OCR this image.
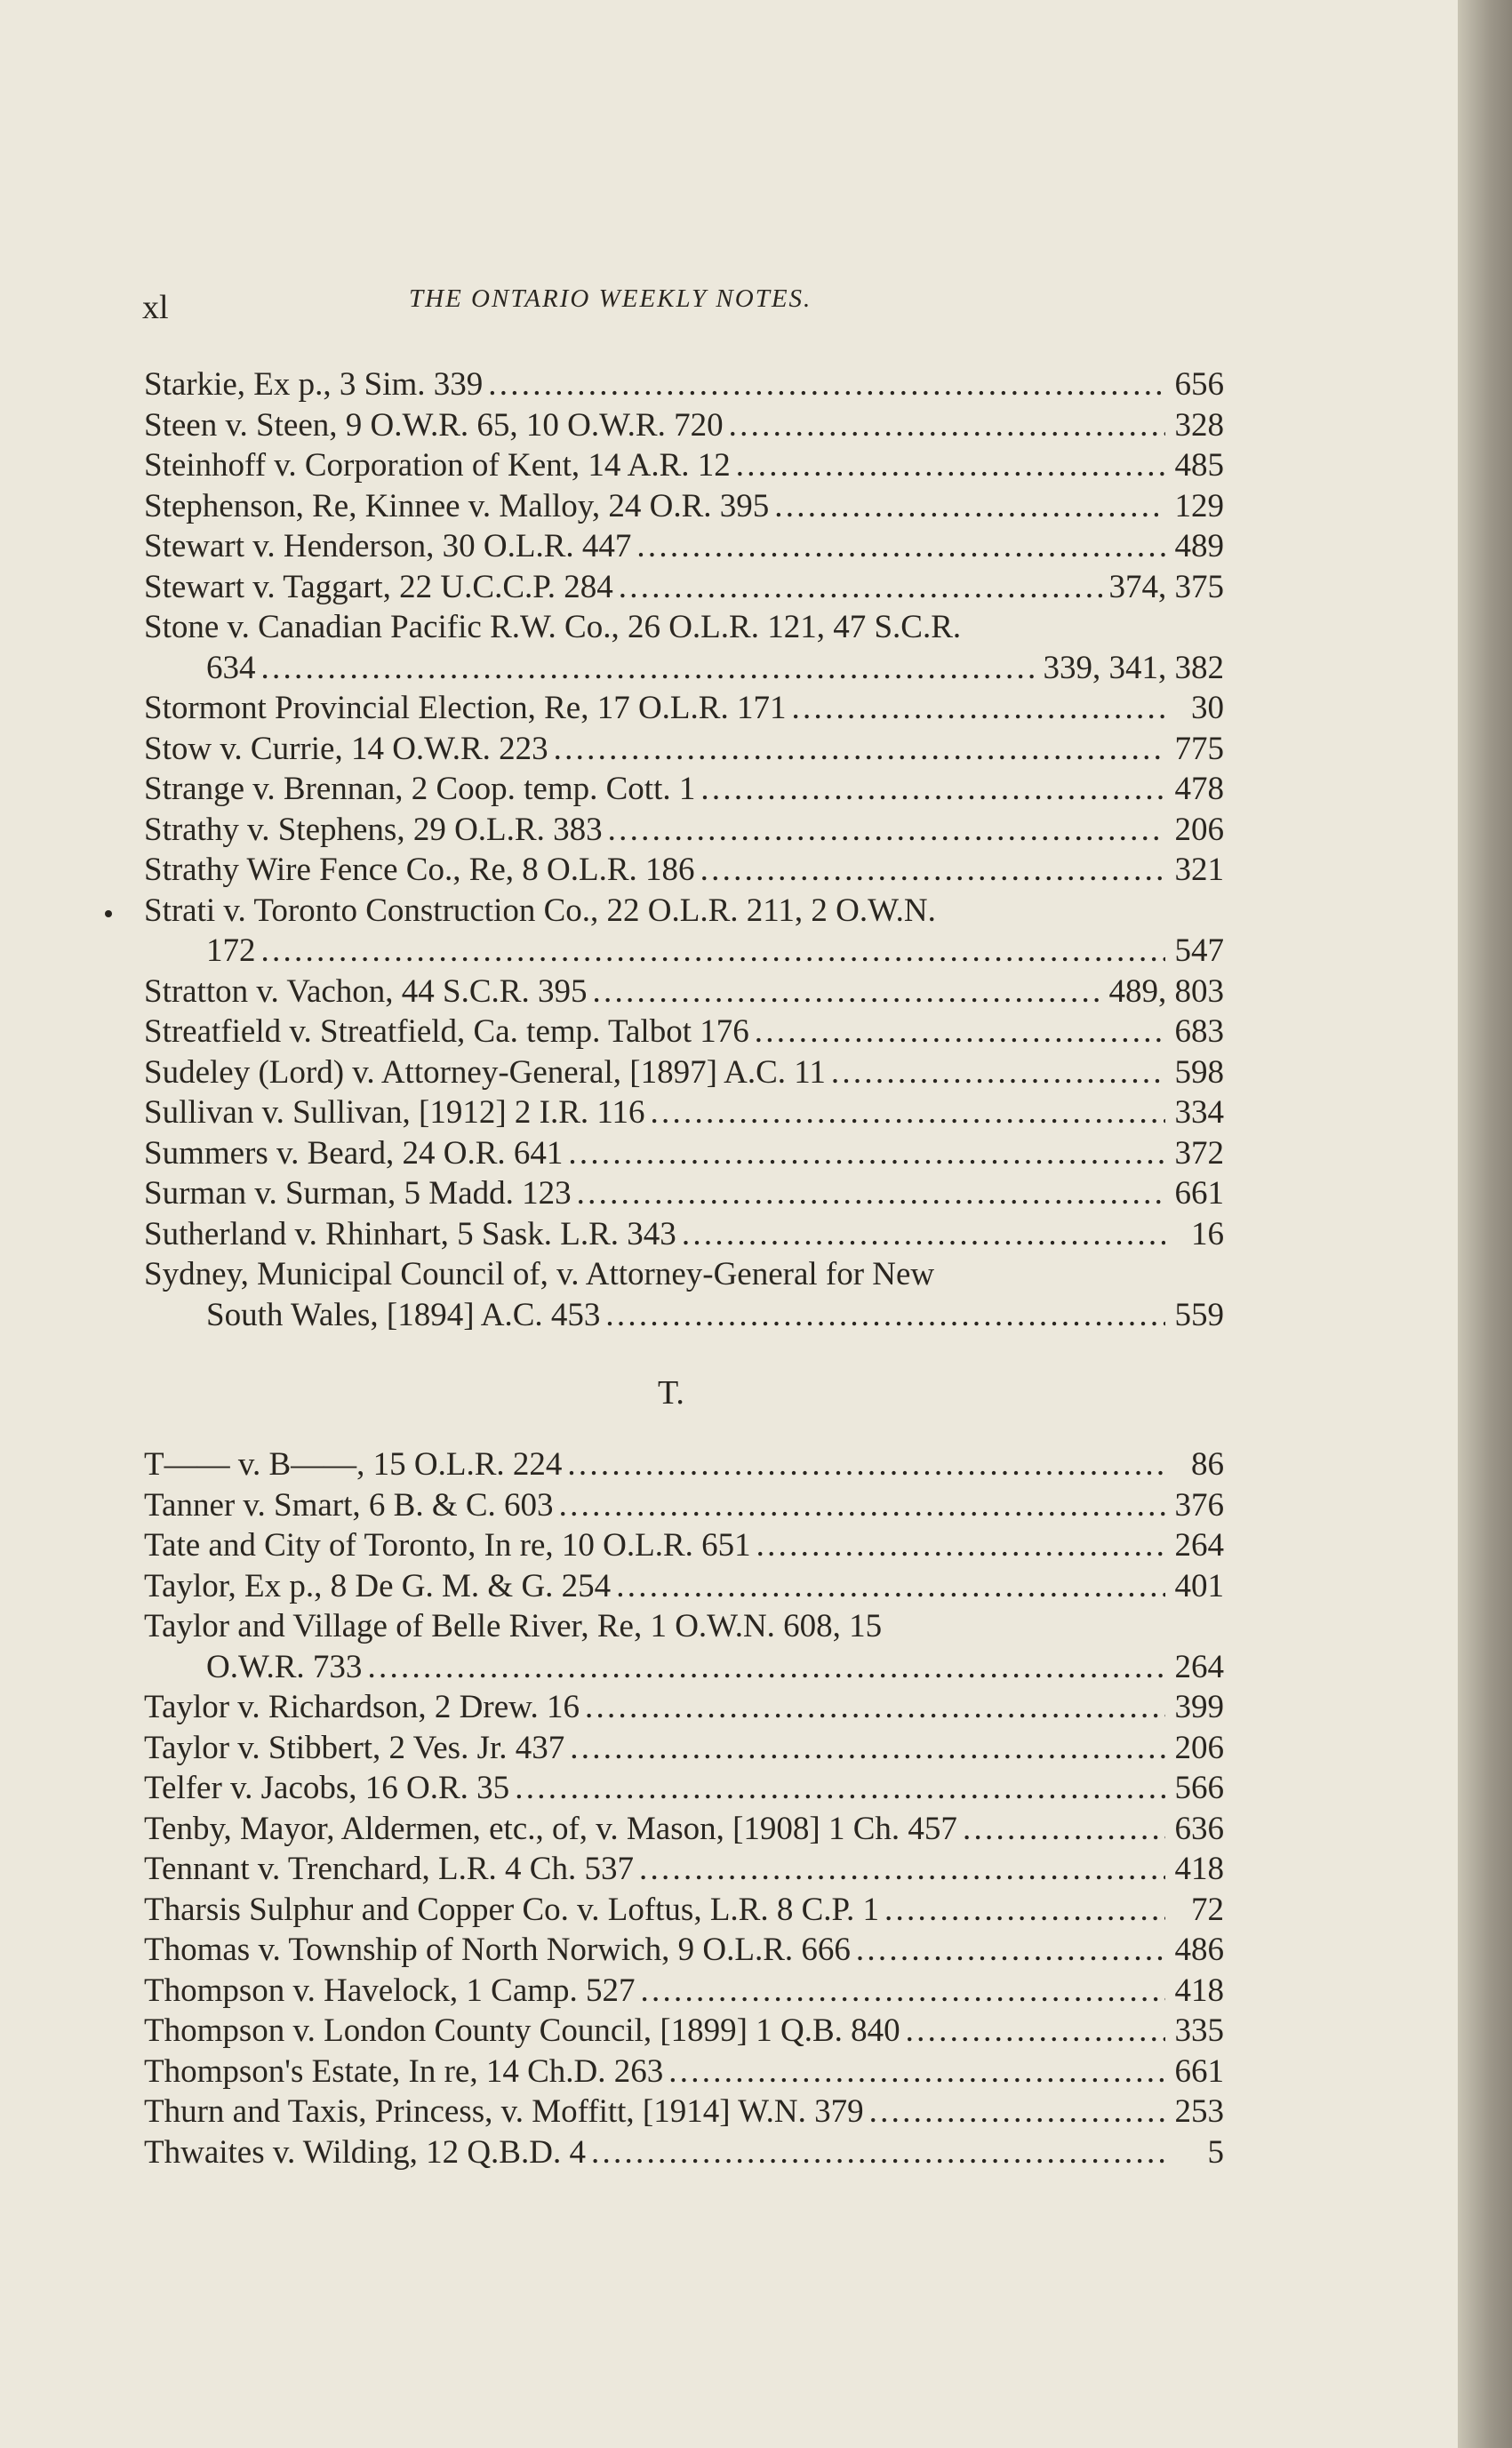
xl	THE ONTARIO WEEKLY NOTES.
Starkie, Ex p., 3 Sim. 339 . . .	656
Steen v. Steen, 9 O.W.R. 65, 10 O.W.R. 720 . . .	328
Steinhoff v. Corporation of Kent, 14 A.R. 12 . . .	485
Stephenson, Re, Kinnee v. Malloy, 24 O.R. 395 . . .	129
Stewart v. Henderson, 30 O.L.R. 447 . . .	489
Stewart v. Taggart, 22 U.C.C.P. 284 . . .	374, 375
Stone v. Canadian Pacific R.W. Co., 26 O.L.R. 121, 47 S.C.R.
634 . . .	339, 341, 382
Stormont Provincial Election, Re, 17 O.L.R. 171 . . .	30
Stow v. Currie, 14 O.W.R. 223 . . .	775
Strange v. Brennan, 2 Coop. temp. Cott. 1 . . .	478
Strathy v. Stephens, 29 O.L.R. 383 . . .	206
Strathy Wire Fence Co., Re, 8 O.L.R. 186 . . .	321
Strati v. Toronto Construction Co., 22 O.L.R. 211, 2 O.W.N.
172 . . .	547
Stratton v. Vachon, 44 S.C.R. 395 . . .	489, 803
Streatfield v. Streatfield, Ca. temp. Talbot 176 . . .	683
Sudeley (Lord) v. Attorney-General, [1897] A.C. 11 . . .	598
Sullivan v. Sullivan, [1912] 2 I.R. 116 . . .	334
Summers v. Beard, 24 O.R. 641 . . .	372
Surman v. Surman, 5 Madd. 123 . . .	661
Sutherland v. Rhinhart, 5 Sask. L.R. 343 . . .	16
Sydney, Municipal Council of, v. Attorney-General for New
South Wales, [1894] A.C. 453 . . .	559
T.
T—— v. B——, 15 O.L.R. 224 . . .	86
Tanner v. Smart, 6 B. & C. 603 . . .	376
Tate and City of Toronto, In re, 10 O.L.R. 651 . . .	264
Taylor, Ex p., 8 De G. M. & G. 254 . . .	401
Taylor and Village of Belle River, Re, 1 O.W.N. 608, 15
O.W.R. 733 . . .	264
Taylor v. Richardson, 2 Drew. 16 . . .	399
Taylor v. Stibbert, 2 Ves. Jr. 437 . . .	206
Telfer v. Jacobs, 16 O.R. 35 . . .	566
Tenby, Mayor, Aldermen, etc., of, v. Mason, [1908] 1 Ch. 457 . . .	636
Tennant v. Trenchard, L.R. 4 Ch. 537 . . .	418
Tharsis Sulphur and Copper Co. v. Loftus, L.R. 8 C.P. 1 . . .	72
Thomas v. Township of North Norwich, 9 O.L.R. 666 . . .	486
Thompson v. Havelock, 1 Camp. 527 . . .	418
Thompson v. London County Council, [1899] 1 Q.B. 840 . . .	335
Thompson's Estate, In re, 14 Ch.D. 263 . . .	661
Thurn and Taxis, Princess, v. Moffitt, [1914] W.N. 379 . . .	253
Thwaites v. Wilding, 12 Q.B.D. 4 . . .	5
